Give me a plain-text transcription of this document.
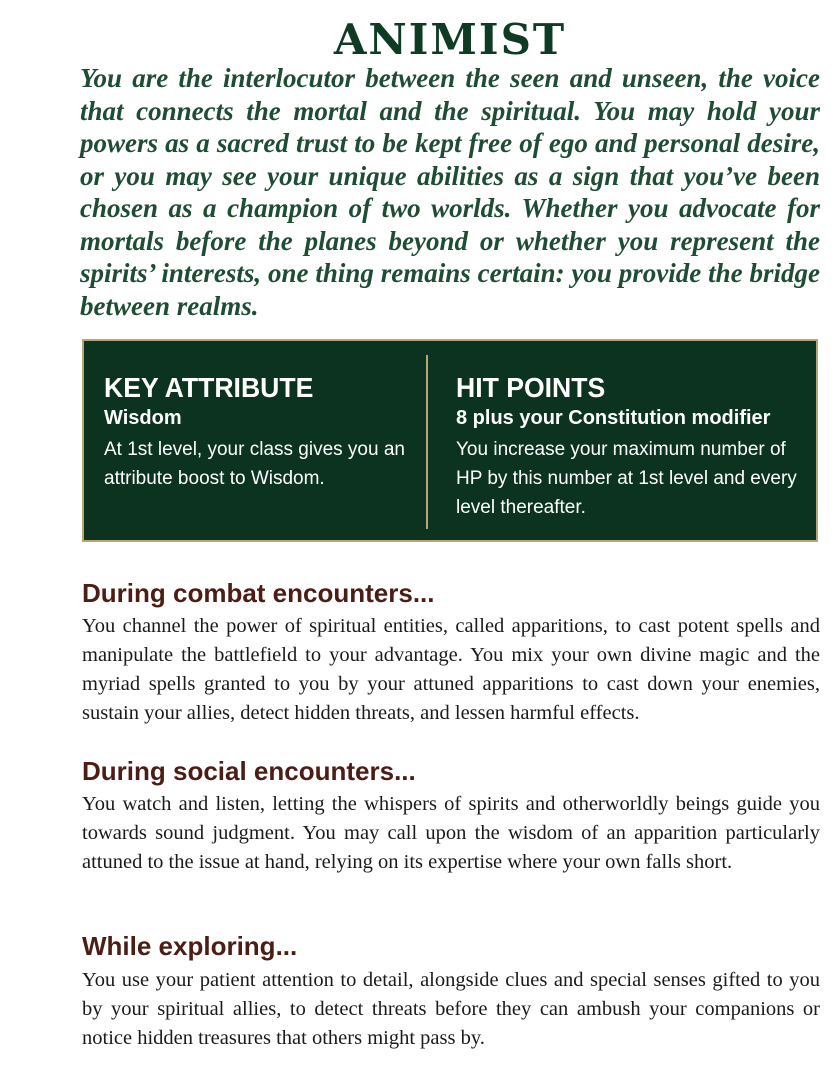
ANIMIST

You are the interlocutor between the seen and unseen, the voice that connects the mortal and the spiritual. You may hold your powers as a sacred trust to be kept free of ego and personal desire, or you may see your unique abilities as a sign that you’ve been chosen as a champion of two worlds. Whether you advocate for mortals before the planes beyond or whether you represent the spirits’ interests, one thing remains certain: you provide the bridge between realms.

KEY ATTRIBUTE
Wisdom
At 1st level, your class gives you an attribute boost to Wisdom.
HIT POINTS
8 plus your Constitution modifier
You increase your maximum number of HP by this number at 1st level and every level thereafter.
During combat encounters...

You channel the power of spiritual entities, called apparitions, to cast potent spells and manipulate the battlefield to your advantage. You mix your own divine magic and the myriad spells granted to you by your attuned apparitions to cast down your enemies, sustain your allies, detect hidden threats, and lessen harmful effects.

During social encounters...

You watch and listen, letting the whispers of spirits and otherworldly beings guide you towards sound judgment. You may call upon the wisdom of an apparition particularly attuned to the issue at hand, relying on its expertise where your own falls short.

While exploring...

You use your patient attention to detail, alongside clues and special senses gifted to you by your spiritual allies, to detect threats before they can ambush your companions or notice hidden treasures that others might pass by.
